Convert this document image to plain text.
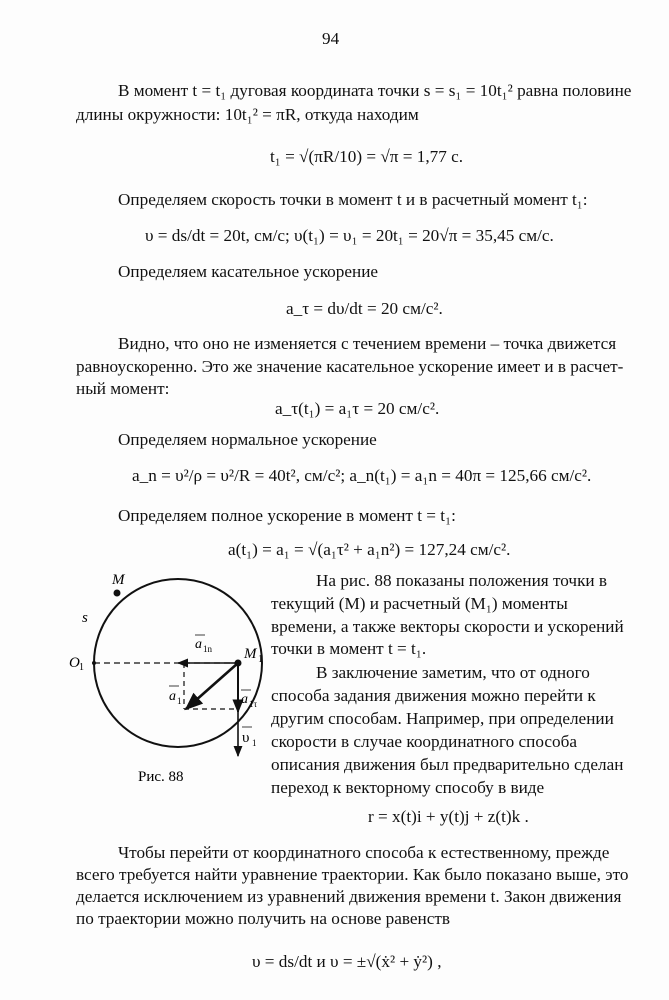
94
В момент t = t₁ дуговая координата точки s = s₁ = 10t₁² равна половине
длины окружности: 10t₁² = πR, откуда находим
t₁ = √(πR/10) = √π = 1,77 с.
Определяем скорость точки в момент t и в расчетный момент t₁:
υ = ds/dt = 20t, см/с; υ(t₁) = υ₁ = 20t₁ = 20√π = 35,45 см/с.
Определяем касательное ускорение
a_τ = dυ/dt = 20 см/с².
Видно, что оно не изменяется с течением времени – точка движется
равноускоренно. Это же значение касательное ускорение имеет и в расчет-
ный момент:
a_τ(t₁) = a₁τ = 20 см/с².
Определяем нормальное ускорение
a_n = υ²/ρ = υ²/R = 40t², см/с²; a_n(t₁) = a₁n = 40π = 125,66 см/с².
Определяем полное ускорение в момент t = t₁:
a(t₁) = a₁ = √(a₁τ² + a₁n²) = 127,24 см/с².
M
s
O 1
M 1
a 1n
a 1	a 1τ
υ 1
Рис. 88
На рис. 88 показаны положения точки в
текущий (M) и расчетный (M₁) моменты
времени, а также векторы скорости и ускорений
точки в момент t = t₁.
В заключение заметим, что от одного
способа задания движения можно перейти к
другим способам. Например, при определении
скорости в случае координатного способа
описания движения был предварительно сделан
переход к векторному способу в виде
r = x(t)i + y(t)j + z(t)k .
Чтобы перейти от координатного способа к естественному, прежде
всего требуется найти уравнение траектории. Как было показано выше, это
делается исключением из уравнений движения времени t. Закон движения
по траектории можно получить на основе равенств
υ = ds/dt и υ = ±√(ẋ² + ẏ²) ,
